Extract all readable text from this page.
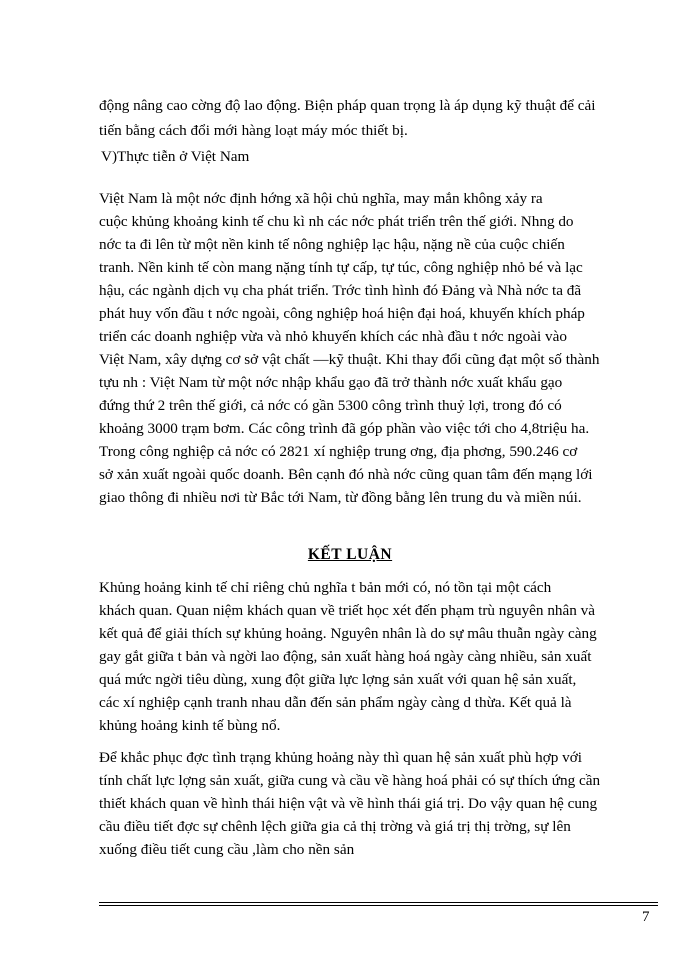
động nâng cao cờng độ lao động. Biện pháp quan trọng là áp dụng kỹ thuật để cải
tiến bằng cách đổi mới hàng loạt máy móc thiết bị.
V)Thực tiễn ở Việt Nam
Việt Nam là một nớc định hớng xã hội chủ nghĩa, may mắn không xảy ra
cuộc khủng khoảng kinh tế chu kì nh các nớc phát triển trên thế giới. Nhng do
nớc ta đi lên từ một nền kinh tế nông nghiệp lạc hậu, nặng nề của cuộc chiến
tranh. Nền kinh tế còn mang nặng tính tự cấp, tự túc, công nghiệp nhỏ bé và lạc
hậu, các ngành dịch vụ cha phát triển. Trớc tình hình đó Đảng và Nhà nớc ta đã
phát huy vốn đầu t nớc ngoài, công nghiệp hoá hiện đại hoá, khuyến khích pháp
triển các doanh nghiệp vừa và nhỏ khuyến khích các nhà đầu t nớc ngoài vào
Việt Nam, xây dựng cơ sở vật chất —kỹ thuật. Khi thay đổi cũng đạt một số thành
tựu nh : Việt Nam từ một nớc nhập khẩu gạo đã trở thành nớc xuất khẩu gạo
đứng thứ 2 trên thế giới, cả nớc có gần 5300 công trình thuỷ lợi, trong đó có
khoảng 3000 trạm bơm. Các công trình đã góp phần vào việc tới cho 4,8triệu ha.
Trong công nghiệp cả nớc có 2821 xí nghiệp trung ơng, địa phơng, 590.246 cơ
sở xản xuất ngoài quốc doanh. Bên cạnh đó nhà nớc cũng quan tâm đến mạng lới
giao thông đi nhiều nơi từ Bắc tới Nam, từ đồng bằng lên trung du và miền núi.
KẾT LUẬN
Khủng hoảng kinh tế chỉ riêng chủ nghĩa t bản mới có, nó tồn tại một cách
khách quan. Quan niệm khách quan về triết học xét đến phạm trù nguyên nhân và
kết quả để giải thích sự khủng hoảng. Nguyên nhân là do sự mâu thuẫn ngày càng
gay gắt giữa t bản và ngời lao động, sản xuất hàng hoá ngày càng nhiều, sản xuất
quá mức ngời tiêu dùng, xung đột giữa lực lợng sản xuất với quan hệ sản xuất,
các xí nghiệp cạnh tranh nhau dẫn đến sản phẩm ngày càng d thừa. Kết quả là
khủng hoảng kinh tế bùng nổ.
Để khắc phục đợc tình trạng khủng hoảng này thì quan hệ sản xuất phù hợp với
tính chất lực lợng sản xuất, giữa cung và cầu về hàng hoá phải có sự thích ứng cần
thiết khách quan về hình thái hiện vật và về hình thái giá trị. Do vậy quan hệ cung
cầu điều tiết đợc sự chênh lệch giữa gia cả thị trờng và giá trị thị trờng, sự lên
xuống điều tiết cung cầu ,làm cho nền sản
7
